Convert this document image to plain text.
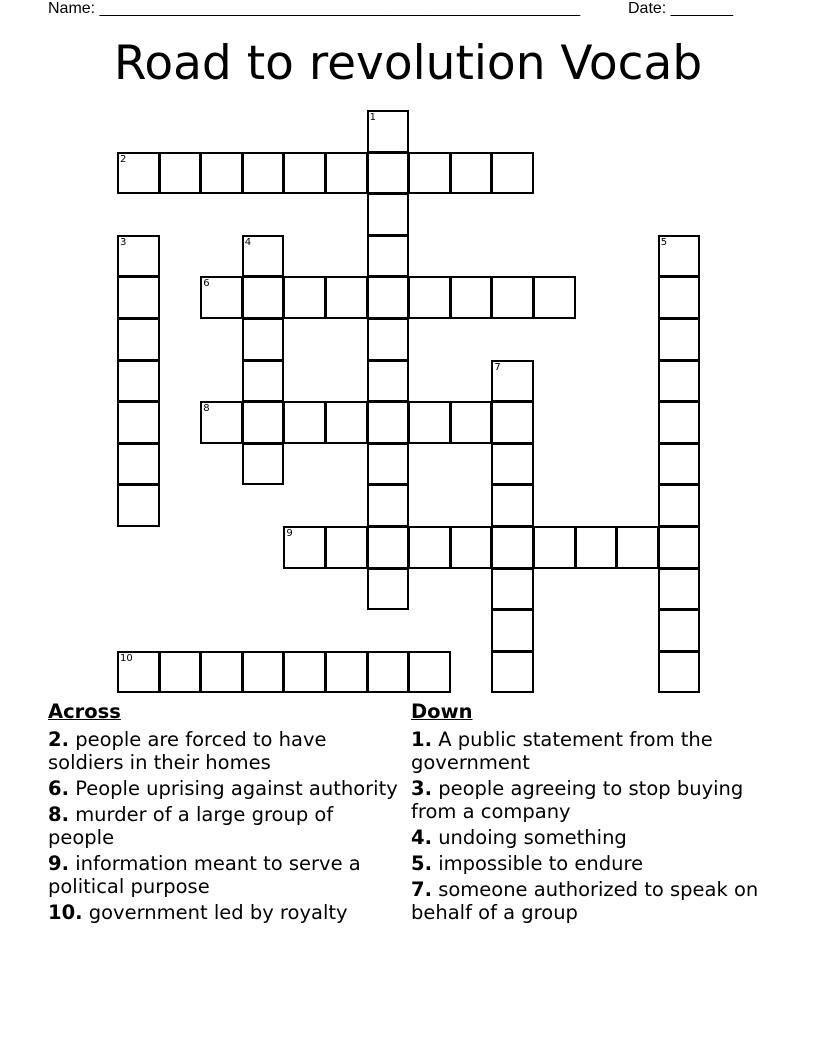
Name: ______________________________________________________	Date: _______
Road to revolution Vocab
1
2
3	4	5
6
7
8
9
10
Across
2. people are forced to have soldiers in their homes
6. People uprising against authority
8. murder of a large group of people
9. information meant to serve a political purpose
10. government led by royalty
Down
1. A public statement from the government
3. people agreeing to stop buying from a company
4. undoing something
5. impossible to endure
7. someone authorized to speak on behalf of a group
